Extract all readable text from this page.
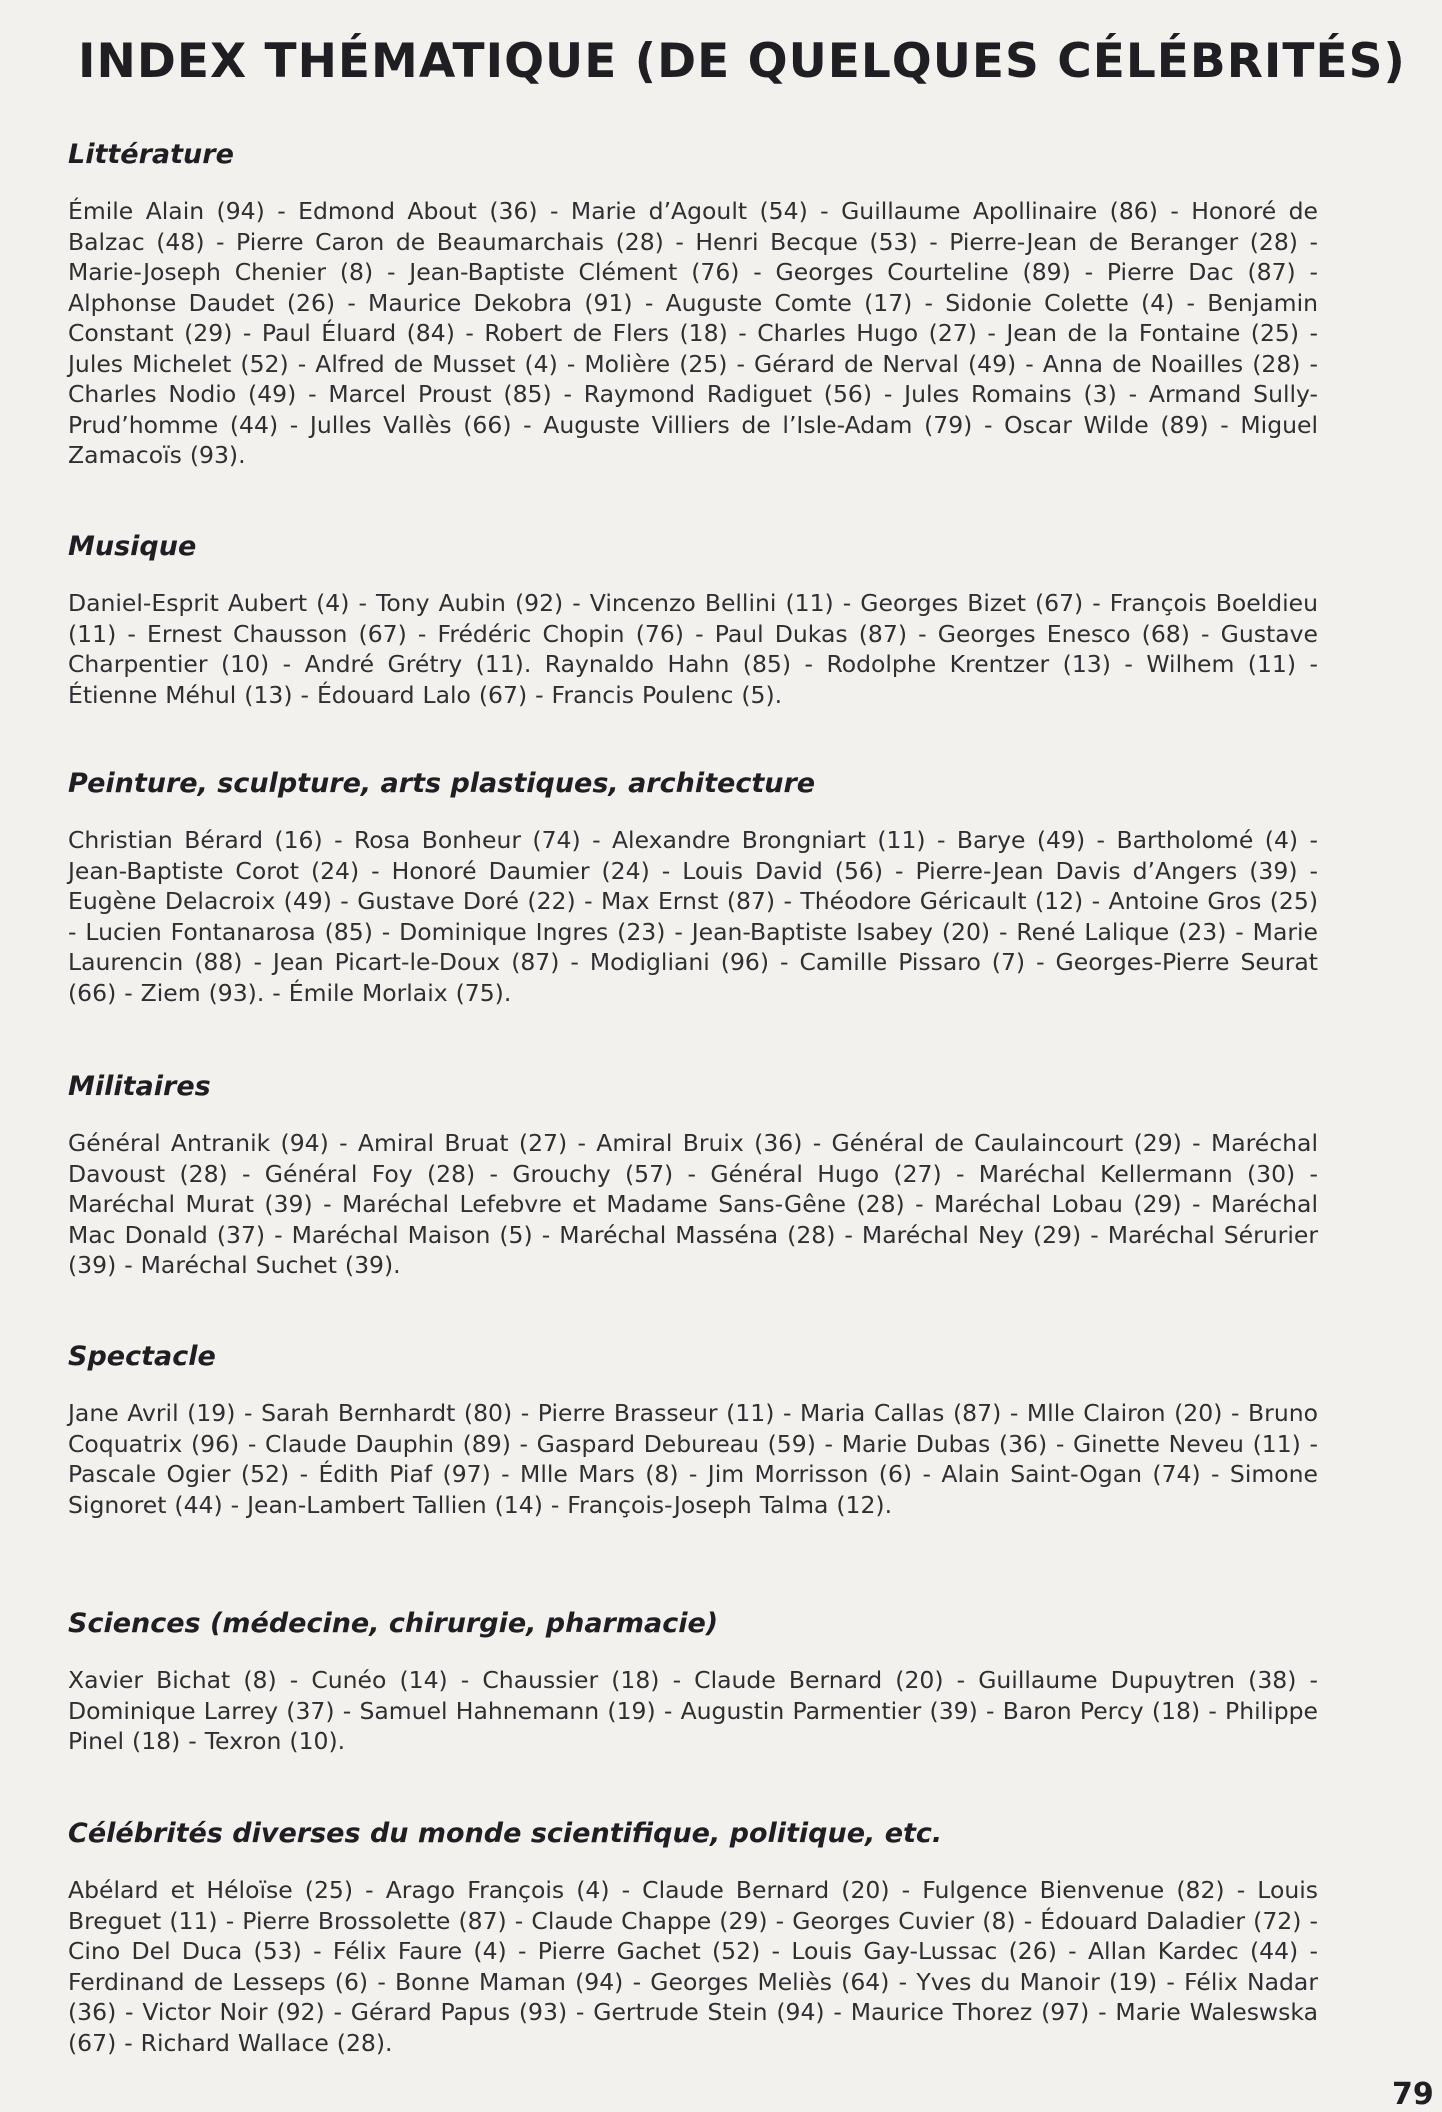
INDEX THÉMATIQUE (DE QUELQUES CÉLÉBRITÉS)
Littérature

Émile Alain (94) - Edmond About (36) - Marie d’Agoult (54) - Guillaume Apollinaire (86) - Honoré de Balzac (48) - Pierre Caron de Beaumarchais (28) - Henri Becque (53) - Pierre-Jean de Beranger (28) - Marie-Joseph Chenier (8) - Jean-Baptiste Clément (76) - Georges Courteline (89) - Pierre Dac (87) - Alphonse Daudet (26) - Maurice Dekobra (91) - Auguste Comte (17) - Sidonie Colette (4) - Benjamin Constant (29) - Paul Éluard (84) - Robert de Flers (18) - Charles Hugo (27) - Jean de la Fontaine (25) - Jules Michelet (52) - Alfred de Musset (4) - Molière (25) - Gérard de Nerval (49) - Anna de Noailles (28) - Charles Nodio (49) - Marcel Proust (85) - Raymond Radiguet (56) - Jules Romains (3) - Armand Sully-Prud’homme (44) - Julles Vallès (66) - Auguste Villiers de l’Isle-Adam (79) - Oscar Wilde (89) - Miguel Zamacoïs (93).

Musique

Daniel-Esprit Aubert (4) - Tony Aubin (92) - Vincenzo Bellini (11) - Georges Bizet (67) - François Boeldieu (11) - Ernest Chausson (67) - Frédéric Chopin (76) - Paul Dukas (87) - Georges Enesco (68) - Gustave Charpentier (10) - André Grétry (11). Raynaldo Hahn (85) - Rodolphe Krentzer (13) - Wilhem (11) - Étienne Méhul (13) - Édouard Lalo (67) - Francis Poulenc (5).

Peinture, sculpture, arts plastiques, architecture

Christian Bérard (16) - Rosa Bonheur (74) - Alexandre Brongniart (11) - Barye (49) - Bartholomé (4) - Jean-Baptiste Corot (24) - Honoré Daumier (24) - Louis David (56) - Pierre-Jean Davis d’Angers (39) - Eugène Delacroix (49) - Gustave Doré (22) - Max Ernst (87) - Théodore Géricault (12) - Antoine Gros (25) - Lucien Fontanarosa (85) - Dominique Ingres (23) - Jean-Baptiste Isabey (20) - René Lalique (23) - Marie Laurencin (88) - Jean Picart-le-Doux (87) - Modigliani (96) - Camille Pissaro (7) - Georges-Pierre Seurat (66) - Ziem (93). - Émile Morlaix (75).

Militaires

Général Antranik (94) - Amiral Bruat (27) - Amiral Bruix (36) - Général de Caulaincourt (29) - Maréchal Davoust (28) - Général Foy (28) - Grouchy (57) - Général Hugo (27) - Maréchal Kellermann (30) - Maréchal Murat (39) - Maréchal Lefebvre et Madame Sans-Gêne (28) - Maréchal Lobau (29) - Maréchal Mac Donald (37) - Maréchal Maison (5) - Maréchal Masséna (28) - Maréchal Ney (29) - Maréchal Sérurier (39) - Maréchal Suchet (39).

Spectacle

Jane Avril (19) - Sarah Bernhardt (80) - Pierre Brasseur (11) - Maria Callas (87) - Mlle Clairon (20) - Bruno Coquatrix (96) - Claude Dauphin (89) - Gaspard Debureau (59) - Marie Dubas (36) - Ginette Neveu (11) - Pascale Ogier (52) - Édith Piaf (97) - Mlle Mars (8) - Jim Morrisson (6) - Alain Saint-Ogan (74) - Simone Signoret (44) - Jean-Lambert Tallien (14) - François-Joseph Talma (12).

Sciences (médecine, chirurgie, pharmacie)

Xavier Bichat (8) - Cunéo (14) - Chaussier (18) - Claude Bernard (20) - Guillaume Dupuytren (38) - Dominique Larrey (37) - Samuel Hahnemann (19) - Augustin Parmentier (39) - Baron Percy (18) - Philippe Pinel (18) - Texron (10).

Célébrités diverses du monde scientifique, politique, etc.

Abélard et Héloïse (25) - Arago François (4) - Claude Bernard (20) - Fulgence Bienvenue (82) - Louis Breguet (11) - Pierre Brossolette (87) - Claude Chappe (29) - Georges Cuvier (8) - Édouard Daladier (72) - Cino Del Duca (53) - Félix Faure (4) - Pierre Gachet (52) - Louis Gay-Lussac (26) - Allan Kardec (44) - Ferdinand de Lesseps (6) - Bonne Maman (94) - Georges Meliès (64) - Yves du Manoir (19) - Félix Nadar (36) - Victor Noir (92) - Gérard Papus (93) - Gertrude Stein (94) - Maurice Thorez (97) - Marie Waleswska (67) - Richard Wallace (28).

79
